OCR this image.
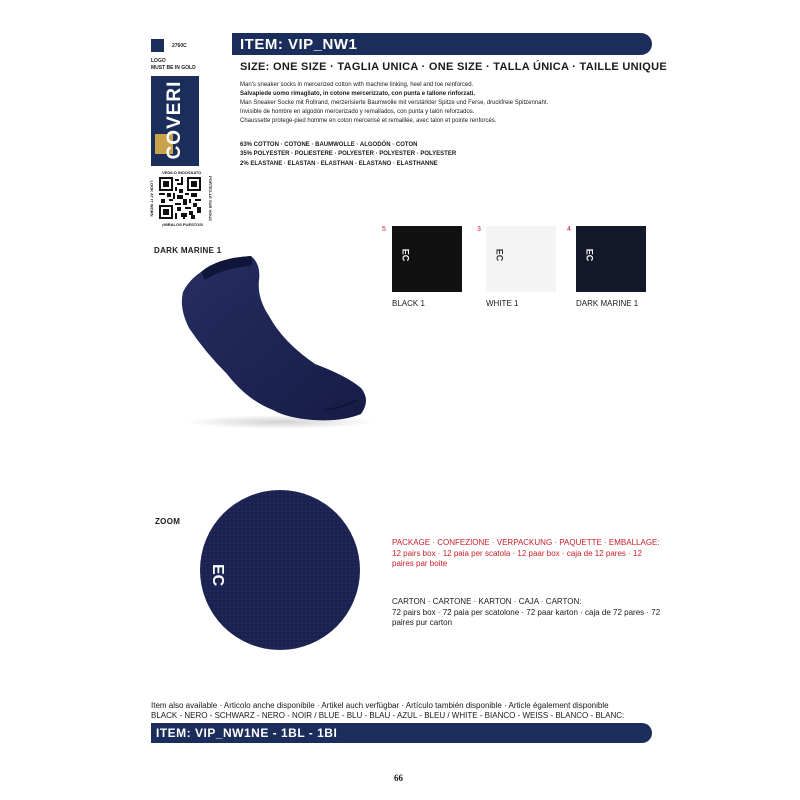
2760C
LOGO
MUST BE IN GOLD
COVERI
VEDILO INDOSSATO
LOOK AT IT WORN	PORTEZ-LE SUR VOUS
¡MIRALOS PUESTOS!
ITEM: VIP_NW1
SIZE: ONE SIZE · TAGLIA UNICA · ONE SIZE · TALLA ÚNICA · TAILLE UNIQUE
Man's sneaker socks in mercerized cotton with machine linking, heel and toe reinforced.
Salvapiede uomo rimagliato, in cotone mercerizzato, con punta e tallone rinforzati.
Man Sneaker Socke mit Rollrand, merzerisierte Baumwolle mit verstärkter Spitze und Ferse, druckfreie Spitzennaht.
Invisible de hombre en algodón mercerizado y remallados, con punta y talón reforzados.
Chaussette protege-pied homme en coton mercerisé et remaillée, avec talon et pointe renforcés.
63% COTTON · COTONE · BAUMWOLLE · ALGODÓN · COTON
35% POLYESTER · POLIESTERE · POLYESTER · POLYESTER · POLYESTER
2% ELASTANE · ELASTAN · ELASTHAN · ELASTANO · ELASTHANNE
5
EC
BLACK 1
3
EC
WHITE 1
4
EC
DARK MARINE 1
DARK MARINE 1
ZOOM
EC
PACKAGE · CONFEZIONE · VERPACKUNG · PAQUETTE · EMBALLAGE:
12 pairs box · 12 paia per scatola · 12 paar box · caja de 12 pares · 12 paires par boite
CARTON · CARTONE · KARTON · CAJA · CARTON:
72 pairs box · 72 paia per scatolone · 72 paar karton · caja de 72 pares · 72 paires pur carton
Item also available · Articolo anche disponibile · Artikel auch verfügbar · Artículo también disponible · Article également disponible
BLACK - NERO - SCHWARZ - NERO - NOIR / BLUE - BLU - BLAU - AZUL - BLEU / WHITE - BIANCO - WEISS - BLANCO - BLANC:
ITEM: VIP_NW1NE - 1BL - 1BI
66
